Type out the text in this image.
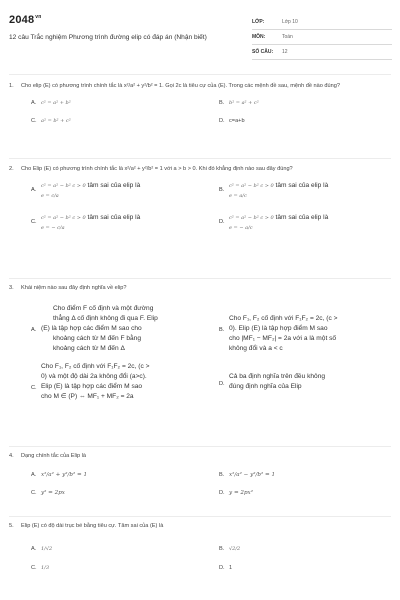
$2048^{vn}$
12 câu Trắc nghiệm Phương trình đường elip có đáp án (Nhận biết)
LỚP:	Lớp 10
MÔN:	Toán
SỐ CÂU:	12
1.	Cho elip (E) có phương trình chính tắc là x²/a² + y²/b² = 1. Gọi 2c là tiêu cự của (E). Trong các mệnh đề sau, mệnh đề nào đúng?
A. c² = a² + b²	B. b² = a² + c²
C. a² = b² + c²	D. c=a+b
2.	Cho Elip (E) có phương trình chính tắc là x²/a² + y²/b² = 1 với a > b > 0. Khi đó khẳng định nào sau đây đúng?
A.
c² = a² − b² c > 0 tâm sai của elip là
e = c/a
B.
c² = a² − b² c > 0 tâm sai của elip là
e = a/c
C.
c² = a² − b² c > 0 tâm sai của elip là
e = − c/a
D.
c² = a² − b² c > 0 tâm sai của elip là
e = − a/c
3.	Khái niệm nào sau đây định nghĩa về elip?
A.
Cho điểm F cố định và một đường
thẳng Δ cố định không đi qua F. Elip
(E) là tập hợp các điểm M sao cho
khoảng cách từ M đến F bằng
khoảng cách từ M đến Δ
B.
Cho F₁, F₂ cố định với F₁F₂ = 2c, (c >
0). Elip (E) là tập hợp điểm M sao
cho |MF₁ − MF₂| = 2a với a là một số
không đổi và a < c
C.
Cho F₁, F₂ cố định với F₁F₂ = 2c, (c >
0) và một độ dài 2a không đổi (a>c).
Elip (E) là tập hợp các điểm M sao
cho M ∈ (P) ⇔ MF₁ + MF₂ = 2a
D.
Cả ba định nghĩa trên đều không
đúng định nghĩa của Elip
4.	Dạng chính tắc của Elip là
A. x²/a² + y²/b² = 1	B. x²/a² − y²/b² = 1
C. y² = 2px	D. y = 2px²
5.	Elip (E) có độ dài trục bé bằng tiêu cự. Tâm sai của (E) là
A. 1/√2	B. √2/2
C. 1/3	D. 1
